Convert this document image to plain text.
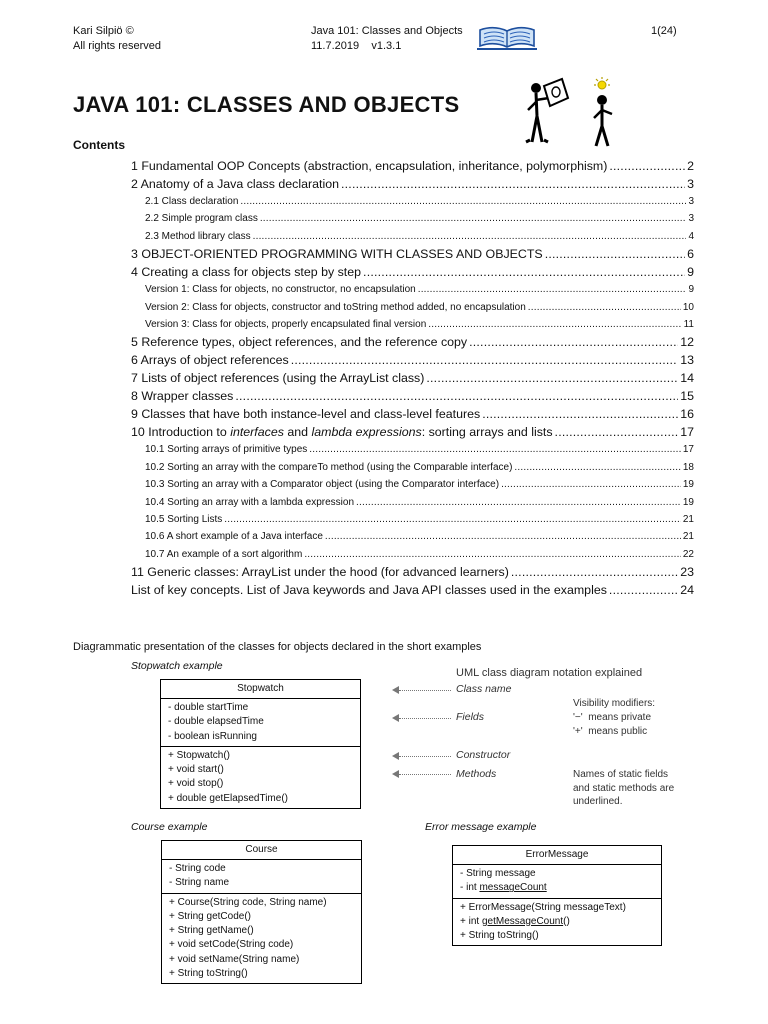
Kari Silpiö ©
All rights reserved
Java 101: Classes and Objects
11.7.2019    v1.3.1
1(24)
JAVA 101: CLASSES AND OBJECTS
Contents
1 Fundamental OOP Concepts (abstraction, encapsulation, inheritance, polymorphism) .....	2
2 Anatomy of a Java class declaration .....	3
2.1 Class declaration .....	3
2.2 Simple program class .....	3
2.3 Method library class .....	4
3 OBJECT-ORIENTED PROGRAMMING WITH CLASSES AND OBJECTS .....	6
4 Creating a class for objects step by step .....	9
Version 1: Class for objects, no constructor, no encapsulation .....	9
Version 2: Class for objects, constructor and toString method added, no encapsulation .....	10
Version 3: Class for objects, properly encapsulated final version .....	11
5 Reference types, object references, and the reference copy .....	12
6 Arrays of object references .....	13
7 Lists of object references (using the ArrayList class) .....	14
8 Wrapper classes .....	15
9 Classes that have both instance-level and class-level features .....	16
10 Introduction to interfaces and lambda expressions: sorting arrays and lists .....	17
10.1 Sorting arrays of primitive types .....	17
10.2 Sorting an array with the compareTo method (using the Comparable interface) .....	18
10.3 Sorting an array with a Comparator object (using the Comparator interface) .....	19
10.4 Sorting an array with a lambda expression .....	19
10.5 Sorting Lists .....	21
10.6 A short example of a Java interface .....	21
10.7 An example of a sort algorithm .....	22
11 Generic classes: ArrayList under the hood (for advanced learners) .....	23
List of key concepts. List of Java keywords and Java API classes used in the examples .....	24
Diagrammatic presentation of the classes for objects declared in the short examples
Stopwatch example
Stopwatch
- double startTime
- double elapsedTime
- boolean isRunning
+ Stopwatch()
+ void start()
+ void stop()
+ double getElapsedTime()
UML class diagram notation explained
Class name
Fields
Constructor
Methods
Visibility modifiers:
'−'  means private
'+'  means public
Names of static fields
and static methods are
underlined.
Course example
Course
- String code
- String name
+ Course(String code, String name)
+ String getCode()
+ String getName()
+ void setCode(String code)
+ void setName(String name)
+ String toString()
Error message example
ErrorMessage
- String message
- int messageCount
+ ErrorMessage(String messageText)
+ int getMessageCount()
+ String toString()
